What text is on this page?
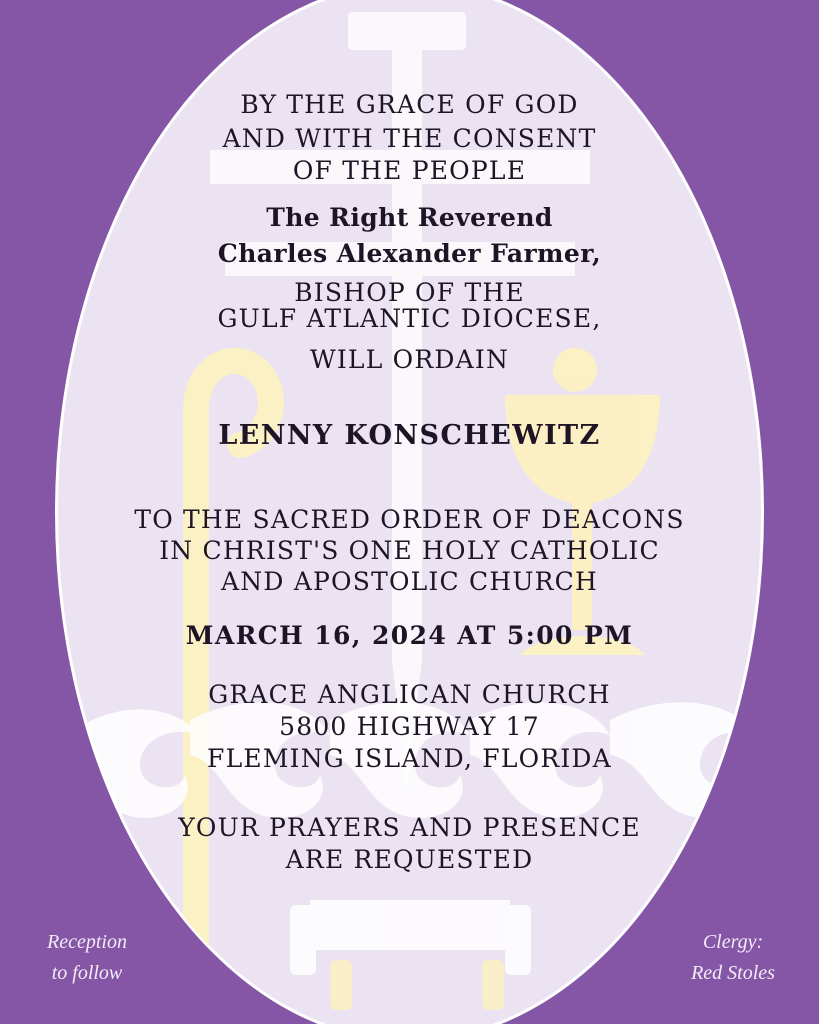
BY THE GRACE OF GOD
AND WITH THE CONSENT
OF THE PEOPLE
The Right Reverend
Charles Alexander Farmer,
BISHOP OF THE
GULF ATLANTIC DIOCESE,
WILL ORDAIN
LENNY KONSCHEWITZ
TO THE SACRED ORDER OF DEACONS
IN CHRIST'S ONE HOLY CATHOLIC
AND APOSTOLIC CHURCH
MARCH 16, 2024 AT 5:00 PM
GRACE ANGLICAN CHURCH
5800 HIGHWAY 17
FLEMING ISLAND, FLORIDA
YOUR PRAYERS AND PRESENCE
ARE REQUESTED
Reception
to follow
Clergy:
Red Stoles
